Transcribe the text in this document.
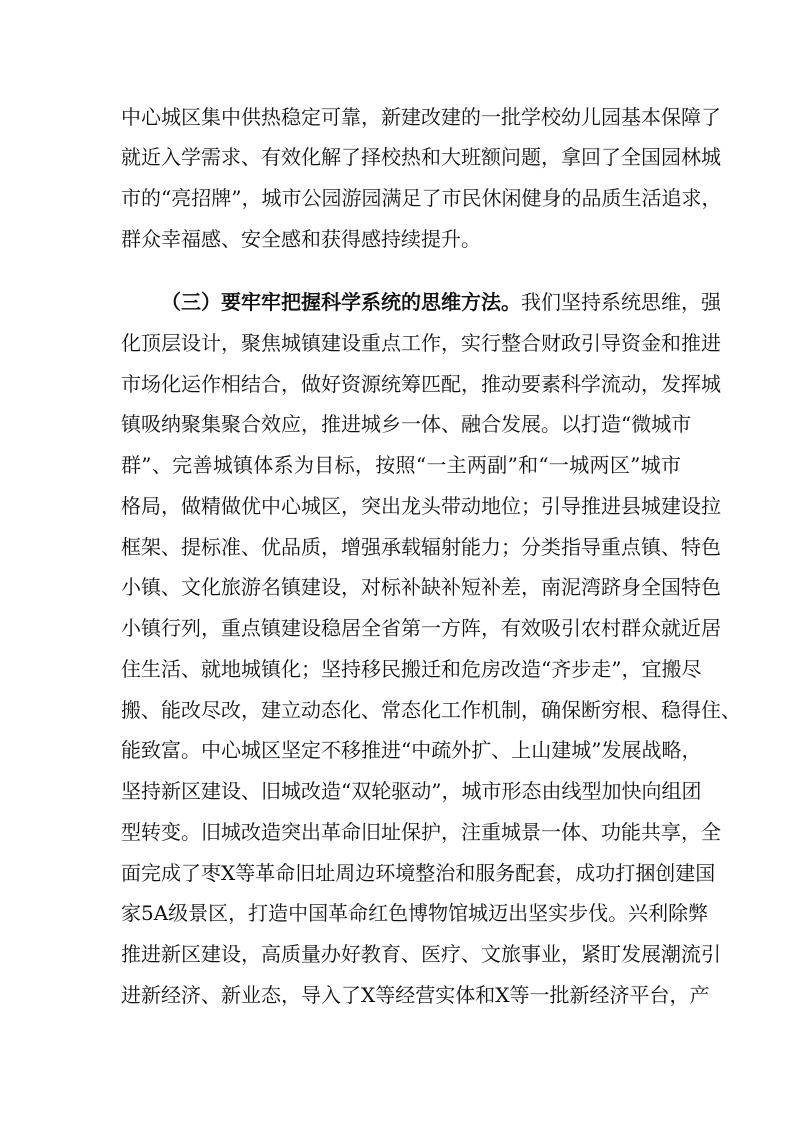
中心城区集中供热稳定可靠，新建改建的一批学校幼儿园基本保障了
就近入学需求、有效化解了择校热和大班额问题，拿回了全国园林城
市的“亮招牌”，城市公园游园满足了市民休闲健身的品质生活追求，
群众幸福感、安全感和获得感持续提升。
（三）要牢牢把握科学系统的思维方法。我们坚持系统思维，强
化顶层设计，聚焦城镇建设重点工作，实行整合财政引导资金和推进
市场化运作相结合，做好资源统筹匹配，推动要素科学流动，发挥城
镇吸纳聚集聚合效应，推进城乡一体、融合发展。以打造“微城市
群”、完善城镇体系为目标，按照“一主两副”和“一城两区”城市
格局，做精做优中心城区，突出龙头带动地位；引导推进县城建设拉
框架、提标准、优品质，增强承载辐射能力；分类指导重点镇、特色
小镇、文化旅游名镇建设，对标补缺补短补差，南泥湾跻身全国特色
小镇行列，重点镇建设稳居全省第一方阵，有效吸引农村群众就近居
住生活、就地城镇化；坚持移民搬迁和危房改造“齐步走”，宜搬尽
搬、能改尽改，建立动态化、常态化工作机制，确保断穷根、稳得住、
能致富。中心城区坚定不移推进“中疏外扩、上山建城”发展战略，
坚持新区建设、旧城改造“双轮驱动”，城市形态由线型加快向组团
型转变。旧城改造突出革命旧址保护，注重城景一体、功能共享，全
面完成了枣X等革命旧址周边环境整治和服务配套，成功打捆创建国
家5A级景区，打造中国革命红色博物馆城迈出坚实步伐。兴利除弊
推进新区建设，高质量办好教育、医疗、文旅事业，紧盯发展潮流引
进新经济、新业态，导入了X等经营实体和X等一批新经济平台，产
